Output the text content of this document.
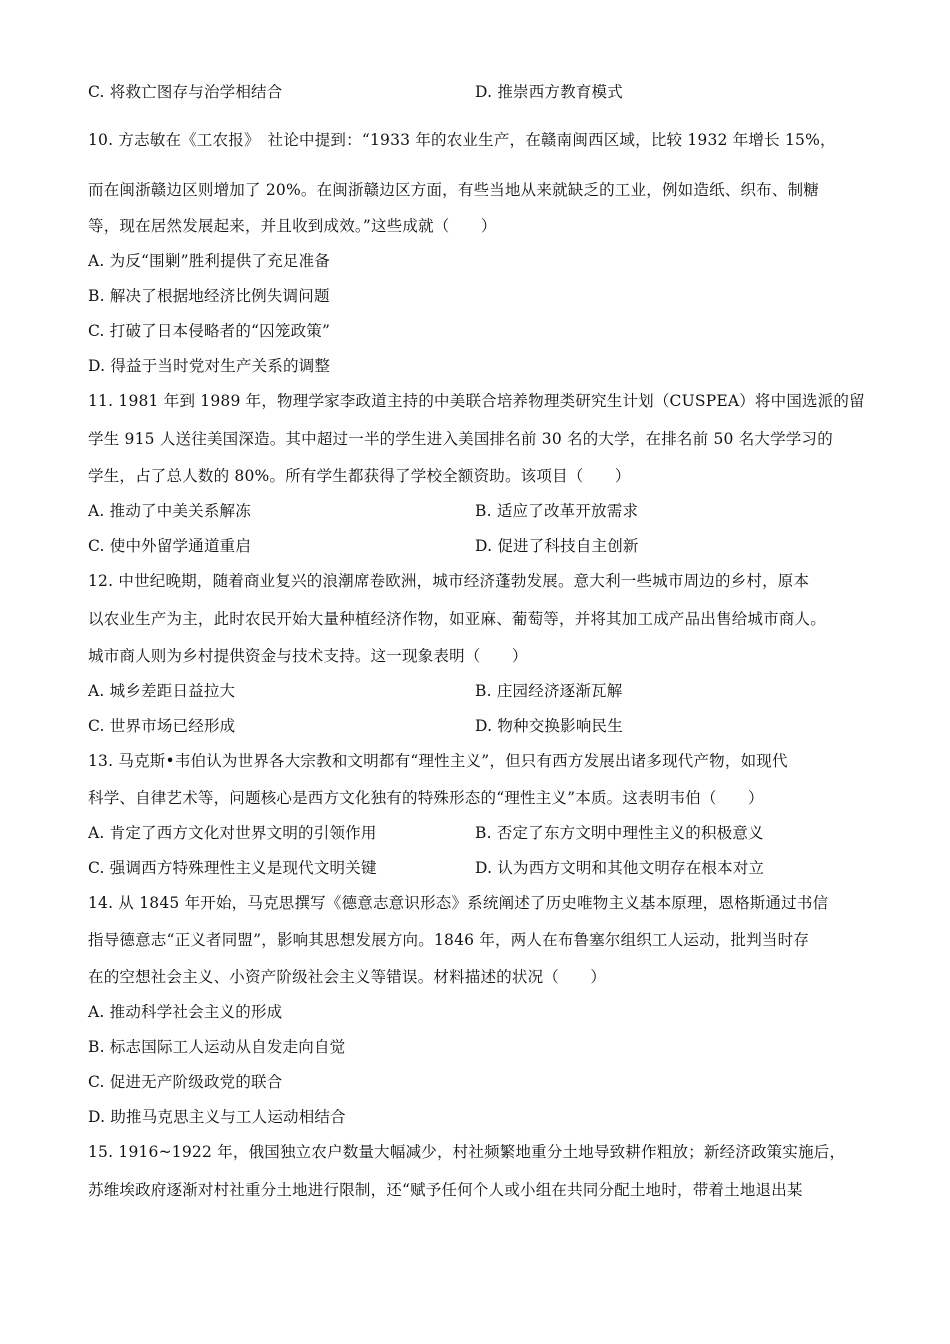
C. 将救亡图存与治学相结合	D. 推崇西方教育模式
10. 方志敏在《工农报》　社论中提到：“1933 年的农业生产，在赣南闽西区域，比较 1932 年增长 15%，
而在闽浙赣边区则增加了 20%。在闽浙赣边区方面，有些当地从来就缺乏的工业，例如造纸、织布、制糖
等，现在居然发展起来，并且收到成效。”这些成就（　　）
A. 为反“围剿”胜利提供了充足准备
B. 解决了根据地经济比例失调问题
C. 打破了日本侵略者的“囚笼政策”
D. 得益于当时党对生产关系的调整
11. 1981 年到 1989 年，物理学家李政道主持的中美联合培养物理类研究生计划（CUSPEA）将中国选派的留
学生 915 人送往美国深造。其中超过一半的学生进入美国排名前 30 名的大学，在排名前 50 名大学学习的
学生，占了总人数的 80%。所有学生都获得了学校全额资助。该项目（　　）
A. 推动了中美关系解冻	B. 适应了改革开放需求
C. 使中外留学通道重启	D. 促进了科技自主创新
12. 中世纪晚期，随着商业复兴的浪潮席卷欧洲，城市经济蓬勃发展。意大利一些城市周边的乡村，原本
以农业生产为主，此时农民开始大量种植经济作物，如亚麻、葡萄等，并将其加工成产品出售给城市商人。
城市商人则为乡村提供资金与技术支持。这一现象表明（　　）
A. 城乡差距日益拉大	B. 庄园经济逐渐瓦解
C. 世界市场已经形成	D. 物种交换影响民生
13. 马克斯•韦伯认为世界各大宗教和文明都有“理性主义”，但只有西方发展出诸多现代产物，如现代
科学、自律艺术等，问题核心是西方文化独有的特殊形态的“理性主义”本质。这表明韦伯（　　）
A. 肯定了西方文化对世界文明的引领作用	B. 否定了东方文明中理性主义的积极意义
C. 强调西方特殊理性主义是现代文明关键	D. 认为西方文明和其他文明存在根本对立
14. 从 1845 年开始，马克思撰写《德意志意识形态》系统阐述了历史唯物主义基本原理，恩格斯通过书信
指导德意志“正义者同盟”，影响其思想发展方向。1846 年，两人在布鲁塞尔组织工人运动，批判当时存
在的空想社会主义、小资产阶级社会主义等错误。材料描述的状况（　　）
A. 推动科学社会主义的形成
B. 标志国际工人运动从自发走向自觉
C. 促进无产阶级政党的联合
D. 助推马克思主义与工人运动相结合
15. 1916~1922 年，俄国独立农户数量大幅减少，村社频繁地重分土地导致耕作粗放；新经济政策实施后，
苏维埃政府逐渐对村社重分土地进行限制，还“赋予任何个人或小组在共同分配土地时，带着土地退出某
